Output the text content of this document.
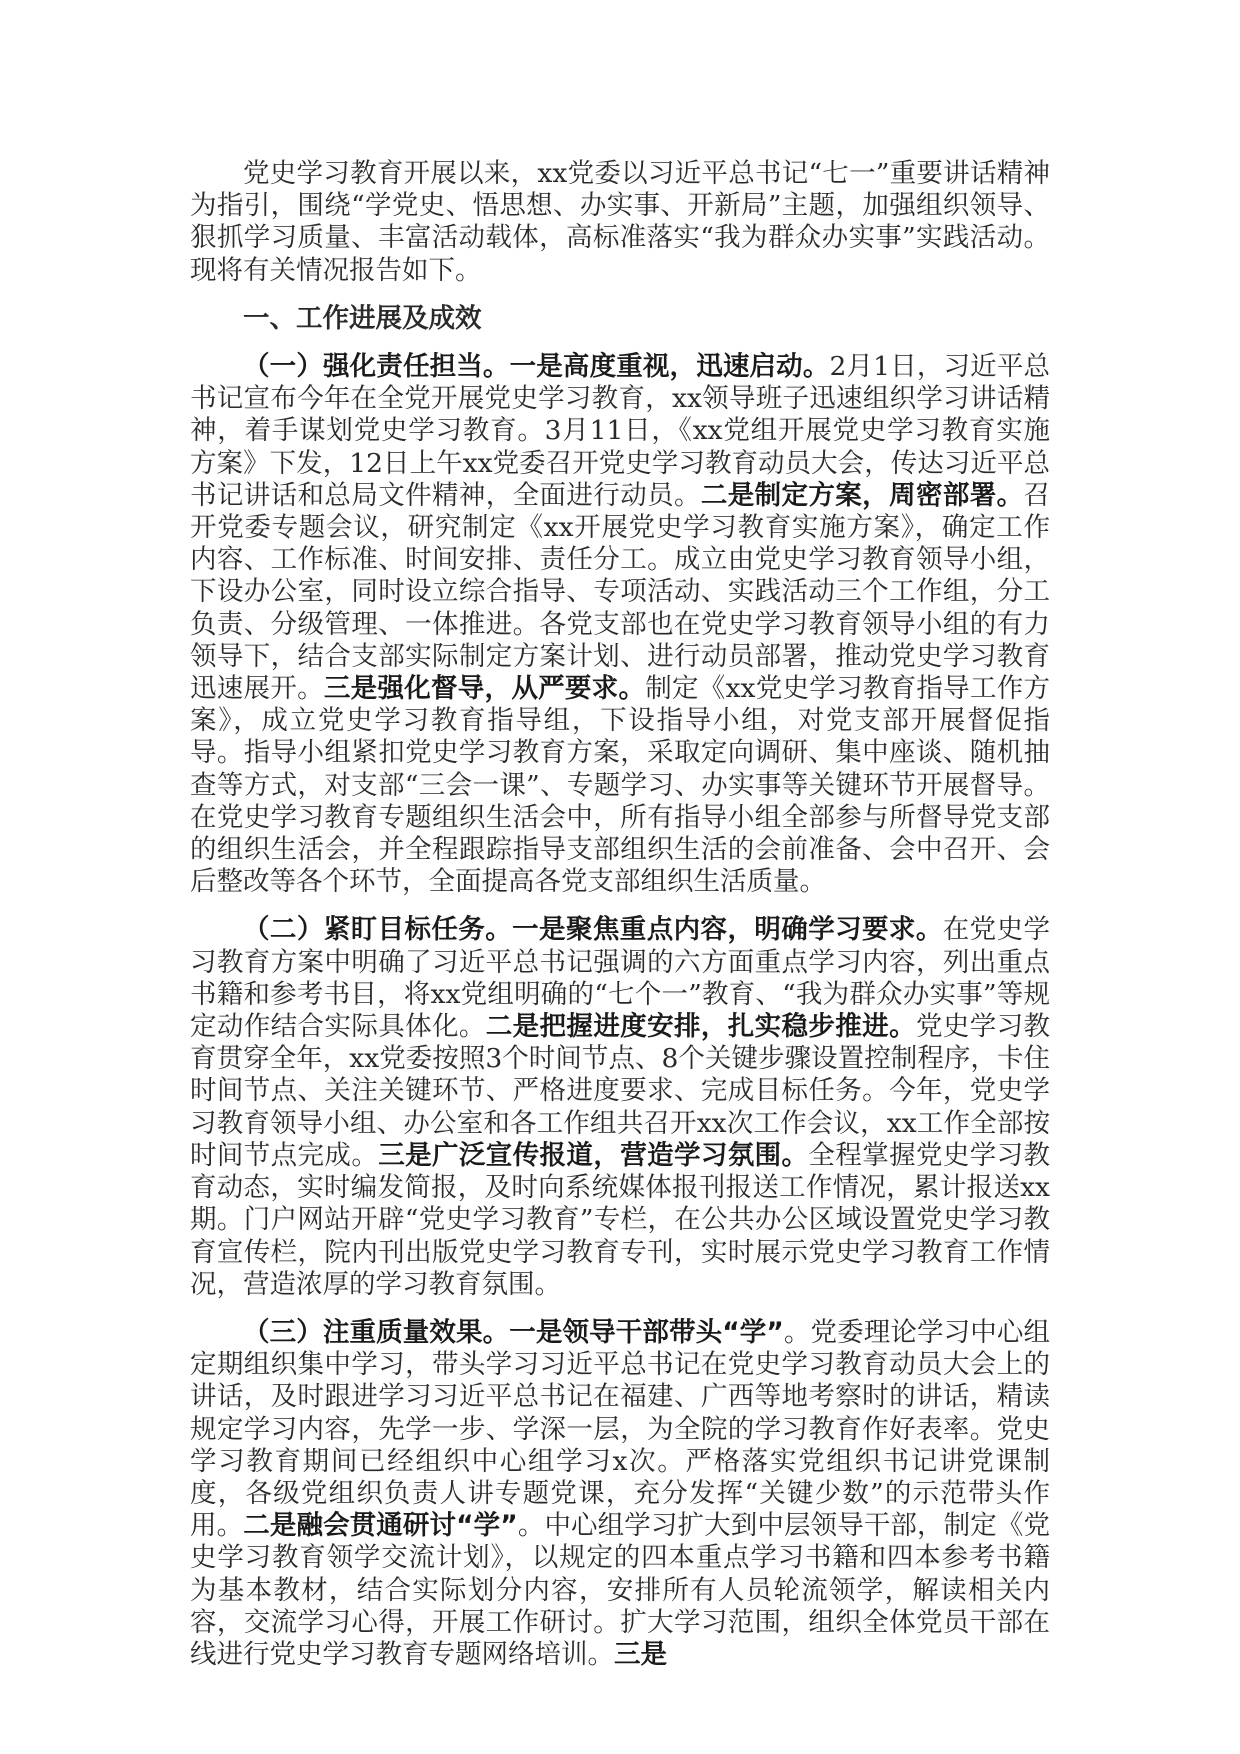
党史学习教育开展以来，xx党委以习近平总书记“七一”重要讲话精神为指引，围绕“学党史、悟思想、办实事、开新局”主题，加强组织领导、狠抓学习质量、丰富活动载体，高标准落实“我为群众办实事”实践活动。现将有关情况报告如下。

一、工作进展及成效

（一）强化责任担当。一是高度重视，迅速启动。2月1日，习近平总书记宣布今年在全党开展党史学习教育，xx领导班子迅速组织学习讲话精神，着手谋划党史学习教育。3月11日，《xx党组开展党史学习教育实施方案》下发，12日上午xx党委召开党史学习教育动员大会，传达习近平总书记讲话和总局文件精神，全面进行动员。二是制定方案，周密部署。召开党委专题会议，研究制定《xx开展党史学习教育实施方案》，确定工作内容、工作标准、时间安排、责任分工。成立由党史学习教育领导小组，下设办公室，同时设立综合指导、专项活动、实践活动三个工作组，分工负责、分级管理、一体推进。各党支部也在党史学习教育领导小组的有力领导下，结合支部实际制定方案计划、进行动员部署，推动党史学习教育迅速展开。三是强化督导，从严要求。制定《xx党史学习教育指导工作方案》，成立党史学习教育指导组，下设指导小组，对党支部开展督促指导。指导小组紧扣党史学习教育方案，采取定向调研、集中座谈、随机抽查等方式，对支部“三会一课”、专题学习、办实事等关键环节开展督导。在党史学习教育专题组织生活会中，所有指导小组全部参与所督导党支部的组织生活会，并全程跟踪指导支部组织生活的会前准备、会中召开、会后整改等各个环节，全面提高各党支部组织生活质量。

（二）紧盯目标任务。一是聚焦重点内容，明确学习要求。在党史学习教育方案中明确了习近平总书记强调的六方面重点学习内容，列出重点书籍和参考书目，将xx党组明确的“七个一”教育、“我为群众办实事”等规定动作结合实际具体化。二是把握进度安排，扎实稳步推进。党史学习教育贯穿全年，xx党委按照3个时间节点、8个关键步骤设置控制程序，卡住时间节点、关注关键环节、严格进度要求、完成目标任务。今年，党史学习教育领导小组、办公室和各工作组共召开xx次工作会议，xx工作全部按时间节点完成。三是广泛宣传报道，营造学习氛围。全程掌握党史学习教育动态，实时编发简报，及时向系统媒体报刊报送工作情况，累计报送xx期。门户网站开辟“党史学习教育”专栏，在公共办公区域设置党史学习教育宣传栏，院内刊出版党史学习教育专刊，实时展示党史学习教育工作情况，营造浓厚的学习教育氛围。

（三）注重质量效果。一是领导干部带头“学”。党委理论学习中心组定期组织集中学习，带头学习习近平总书记在党史学习教育动员大会上的讲话，及时跟进学习习近平总书记在福建、广西等地考察时的讲话，精读规定学习内容，先学一步、学深一层，为全院的学习教育作好表率。党史学习教育期间已经组织中心组学习x次。严格落实党组织书记讲党课制度，各级党组织负责人讲专题党课，充分发挥“关键少数”的示范带头作用。二是融会贯通研讨“学”。中心组学习扩大到中层领导干部，制定《党史学习教育领学交流计划》，以规定的四本重点学习书籍和四本参考书籍为基本教材，结合实际划分内容，安排所有人员轮流领学，解读相关内容，交流学习心得，开展工作研讨。扩大学习范围，组织全体党员干部在线进行党史学习教育专题网络培训。三是
